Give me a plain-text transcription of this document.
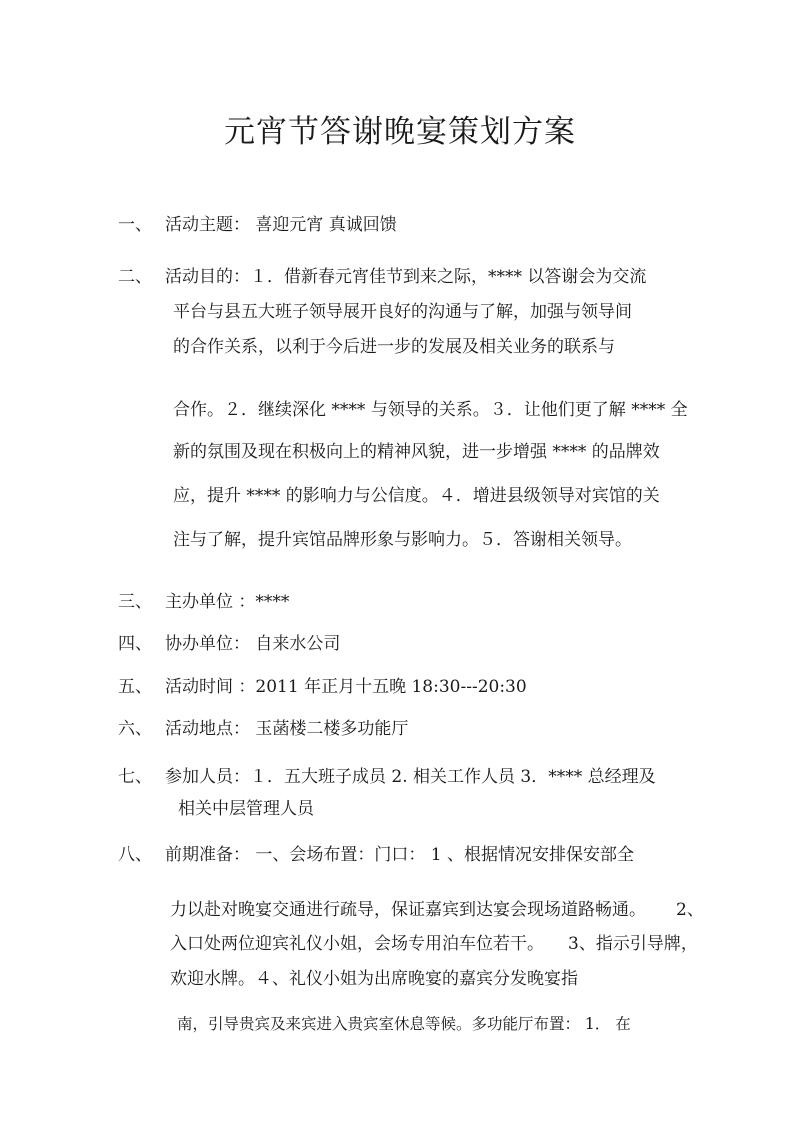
元宵节答谢晚宴策划方案
一、 活动主题： 喜迎元宵 真诚回馈
二、 活动目的：１．借新春元宵佳节到来之际，**** 以答谢会为交流
平台与县五大班子领导展开良好的沟通与了解，加强与领导间
的合作关系，以利于今后进一步的发展及相关业务的联系与
合作。２．继续深化 **** 与领导的关系。３．让他们更了解 **** 全
新的氛围及现在积极向上的精神风貌，进一步增强 **** 的品牌效
应，提升 **** 的影响力与公信度。４．增进县级领导对宾馆的关
注与了解，提升宾馆品牌形象与影响力。５．答谢相关领导。
三、 主办单位 ：****
四、 协办单位： 自来水公司
五、 活动时间 ：2011 年正月十五晚 18:30---20:30
六、 活动地点： 玉菡楼二楼多功能厅
七、 参加人员：１．五大班子成员 2. 相关工作人员 3．**** 总经理及
相关中层管理人员
八、 前期准备： 一、会场布置：门口： 1 、根据情况安排保安部全
力以赴对晚宴交通进行疏导，保证嘉宾到达宴会现场道路畅通。 2、
入口处两位迎宾礼仪小姐，会场专用泊车位若干。 3、指示引导牌，
欢迎水牌。４、礼仪小姐为出席晚宴的嘉宾分发晚宴指
南，引导贵宾及来宾进入贵宾室休息等候。多功能厅布置： 1． 在
